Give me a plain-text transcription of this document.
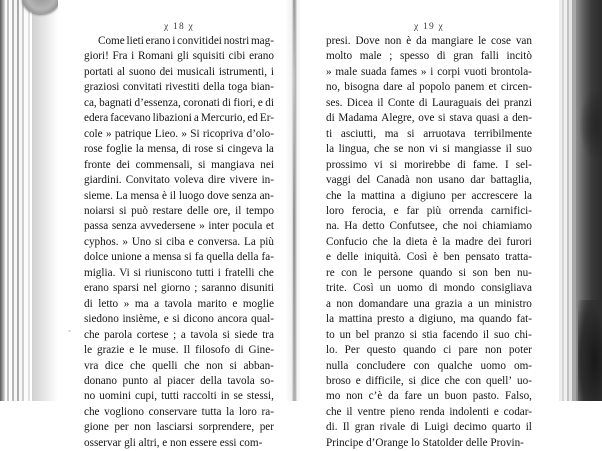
χ 18 χ
Come lieti erano i convitidei nostri mag-
giori! Fra i Romani gli squisiti cibi erano
portati al suono dei musicali istrumenti, i
graziosi convitati rivestiti della toga bian-
ca, bagnati d’essenza, coronati di fiori, e di
edera facevano libazioni a Mercurio, ed Er-
cole » patrique Lieo. » Si ricopriva d’olo-
rose foglie la mensa, di rose si cingeva la
fronte dei commensali, si mangiava nei
giardini. Convitato voleva dire vivere in-
sieme. La mensa è il luogo dove senza an-
noiarsi si può restare delle ore, il tempo
passa senza avvedersene » inter pocula et
cyphos. » Uno si ciba e conversa. La più
dolce unione a mensa si fa quella della fa-
miglia. Vi si riuniscono tutti i fratelli che
erano sparsi nel giorno ; saranno disuniti
di letto » ma a tavola marito e moglie
siedono insième, e si dicono ancora qual-
che parola cortese ; a tavola si siede tra
le grazie e le muse. Il filosofo di Gine-
vra dice che quelli che non si abban-
donano punto al piacer della tavola so-
no uomini cupi, tutti raccolti in se stessi,
che vogliono conservare tutta la loro ra-
gione per non lasciarsi sorprendere, per
osservar gli altri, e non essere essi com-
χ 19 χ
presi. Dove non è da mangiare le cose van
molto male ; spesso di gran falli incitò
» male suada fames » i corpi vuoti brontola-
no, bisogna dare al popolo panem et circen-
ses. Dicea il Conte di Lauraguais dei pranzi
di Madama Alegre, ove si stava quasi a den-
ti asciutti, ma si arruotava terribilmente
la lingua, che se non vi si mangiasse il suo
prossimo vi si morirebbe di fame. I sel-
vaggi del Canadà non usano dar battaglia,
che la mattina a digiuno per accrescere la
loro ferocia, e far più orrenda carnifici-
na. Ha detto Confutsee, che noi chiamiamo
Confucio che la dieta è la madre dei furori
e delle iniquità. Così è ben pensato tratta-
re con le persone quando si son ben nu-
trite. Così un uomo di mondo consigliava
a non domandare una grazia a un ministro
la mattina presto a digiuno, ma quando fat-
to un bel pranzo si stia facendo il suo chi-
lo. Per questo quando ci pare non poter
nulla concludere con qualche uomo om-
broso e difficile, si dice che con quell’ uo-
mo non c’è da fare un buon pasto. Falso,
che il ventre pieno renda indolenti e codar-
di. Il gran rivale di Luigi decimo quarto il
Principe d’Orange lo Statolder delle Provin-
